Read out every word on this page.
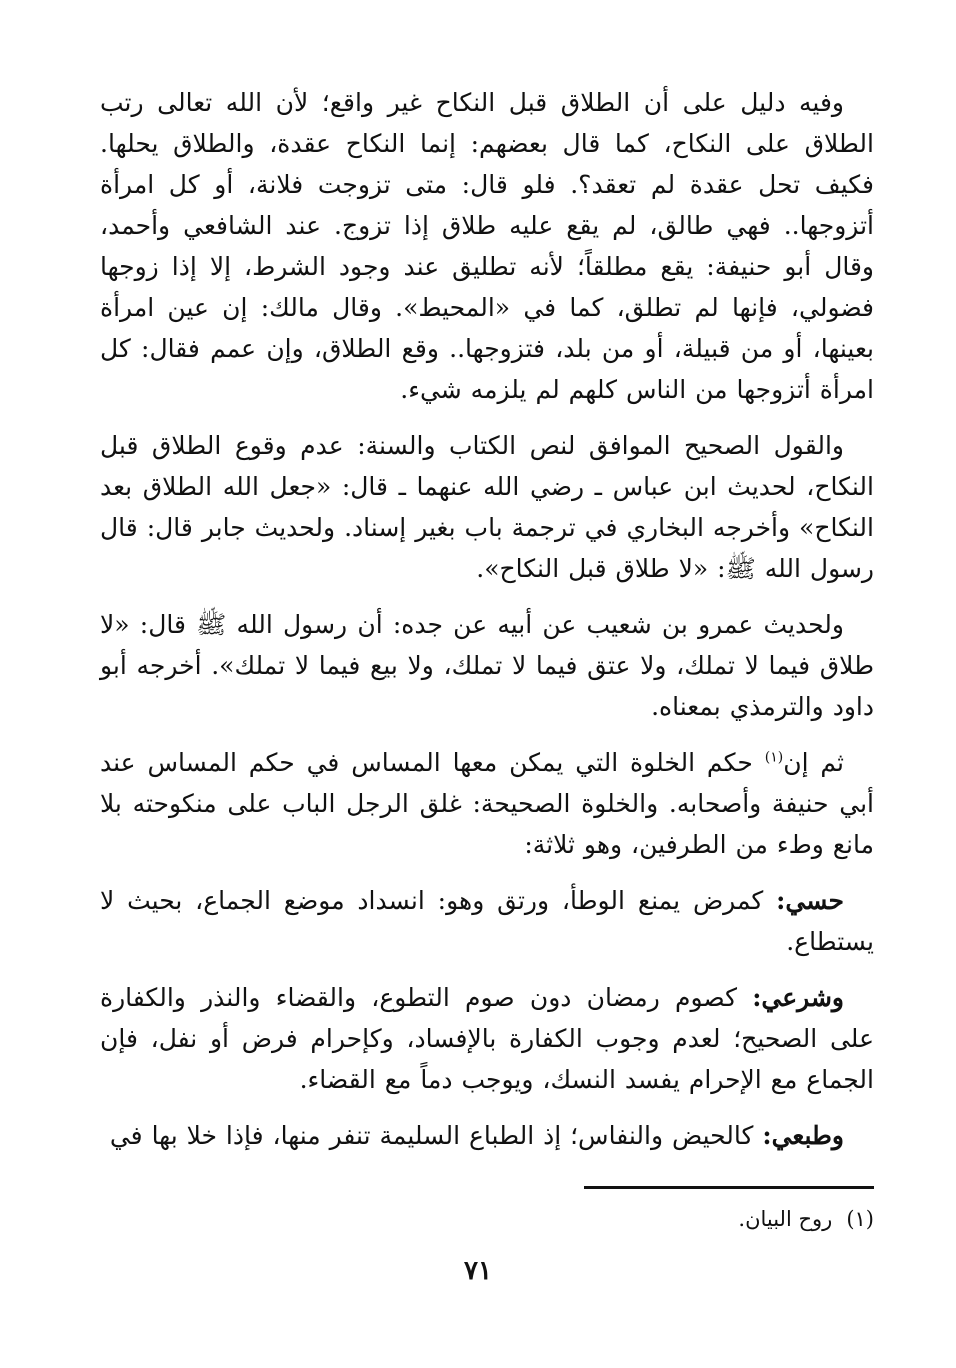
وفيه دليل على أن الطلاق قبل النكاح غير واقع؛ لأن الله تعالى رتب الطلاق على النكاح، كما قال بعضهم: إنما النكاح عقدة، والطلاق يحلها. فكيف تحل عقدة لم تعقد؟. فلو قال: متى تزوجت فلانة، أو كل امرأة أتزوجها.. فهي طالق، لم يقع عليه طلاق إذا تزوج. عند الشافعي وأحمد، وقال أبو حنيفة: يقع مطلقاً؛ لأنه تطليق عند وجود الشرط، إلا إذا زوجها فضولي، فإنها لم تطلق، كما في «المحيط». وقال مالك: إن عين امرأة بعينها، أو من قبيلة، أو من بلد، فتزوجها.. وقع الطلاق، وإن عمم فقال: كل امرأة أتزوجها من الناس كلهم لم يلزمه شيء.

والقول الصحيح الموافق لنص الكتاب والسنة: عدم وقوع الطلاق قبل النكاح، لحديث ابن عباس ـ رضي الله عنهما ـ قال: «جعل الله الطلاق بعد النكاح» وأخرجه البخاري في ترجمة باب بغير إسناد. ولحديث جابر قال: قال رسول الله ﷺ: «لا طلاق قبل النكاح».

ولحديث عمرو بن شعيب عن أبيه عن جده: أن رسول الله ﷺ قال: «لا طلاق فيما لا تملك، ولا عتق فيما لا تملك، ولا بيع فيما لا تملك». أخرجه أبو داود والترمذي بمعناه.

ثم إن$^{(١)}$ حكم الخلوة التي يمكن معها المساس في حكم المساس عند أبي حنيفة وأصحابه. والخلوة الصحيحة: غلق الرجل الباب على منكوحته بلا مانع وطء من الطرفين، وهو ثلاثة:

حسي: كمرض يمنع الوطأ، ورتق وهو: انسداد موضع الجماع، بحيث لا يستطاع.

وشرعي: كصوم رمضان دون صوم التطوع، والقضاء والنذر والكفارة على الصحيح؛ لعدم وجوب الكفارة بالإفساد، وكإحرام فرض أو نفل، فإن الجماع مع الإحرام يفسد النسك، ويوجب دماً مع القضاء.

وطبعي: كالحيض والنفاس؛ إذ الطباع السليمة تنفر منها، فإذا خلا بها في

(١)روح البيان.
٧١
